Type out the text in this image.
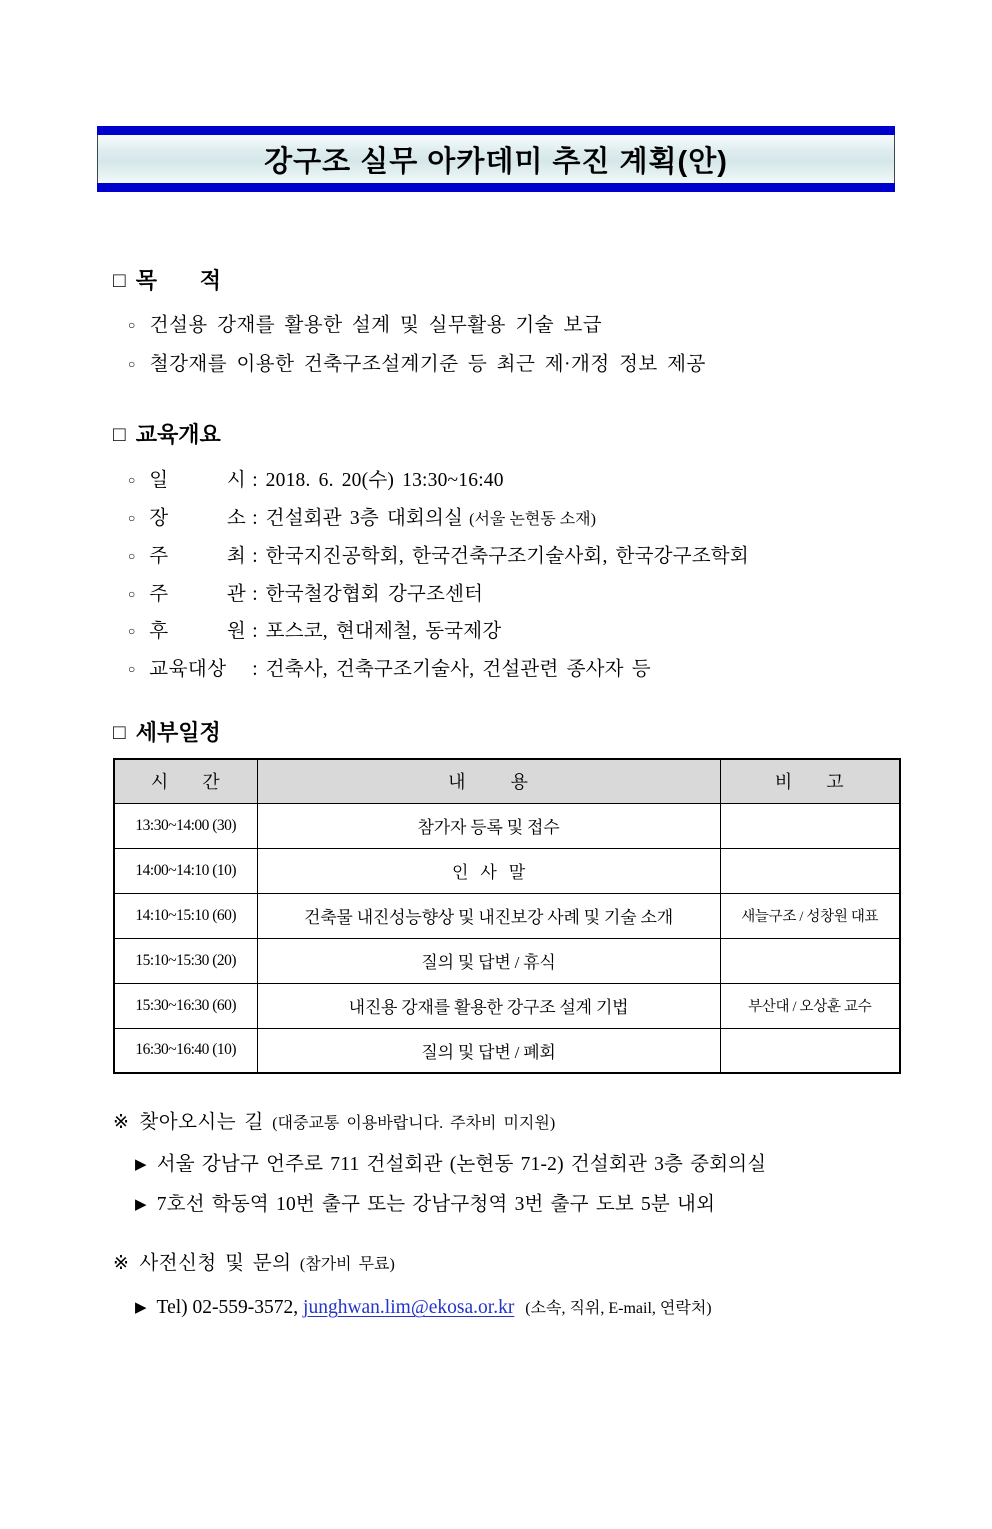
강구조 실무 아카데미 추진 계획(안)
□ 목       적
○ 건설용 강재를 활용한 설계 및 실무활용 기술 보급
○ 철강재를 이용한 건축구조설계기준 등 최근 제·개정 정보 제공
□ 교육개요
○ 일 시 : 2018. 6. 20(수) 13:30~16:40
○ 장 소 : 건설회관 3층 대회의실 (서울 논현동 소재)
○ 주 최 : 한국지진공학회, 한국건축구조기술사회, 한국강구조학회
○ 주 관 : 한국철강협회 강구조센터
○ 후 원 : 포스코, 현대제철, 동국제강
○ 교육대상 : 건축사, 건축구조기술사, 건설관련 종사자 등
□ 세부일정
시      간	내        용	비      고
13:30~14:00 (30)	참가자 등록 및 접수	
14:00~14:10 (10)	인   사   말	
14:10~15:10 (60)	건축물 내진성능향상 및 내진보강 사례 및 기술 소개	새늘구조 / 성창원 대표
15:10~15:30 (20)	질의 및 답변 / 휴식	
15:30~16:30 (60)	내진용 강재를 활용한 강구조 설계 기법	부산대 / 오상훈 교수
16:30~16:40 (10)	질의 및 답변 / 폐회	
※ 찾아오시는 길 (대중교통 이용바랍니다. 주차비 미지원)
▶ 서울 강남구 언주로 711 건설회관 (논현동 71-2) 건설회관 3층 중회의실
▶ 7호선 학동역 10번 출구 또는 강남구청역 3번 출구 도보 5분 내외
※ 사전신청 및 문의 (참가비 무료)
▶ Tel) 02-559-3572, junghwan.lim@ekosa.or.kr (소속, 직위, E-mail, 연락처)
